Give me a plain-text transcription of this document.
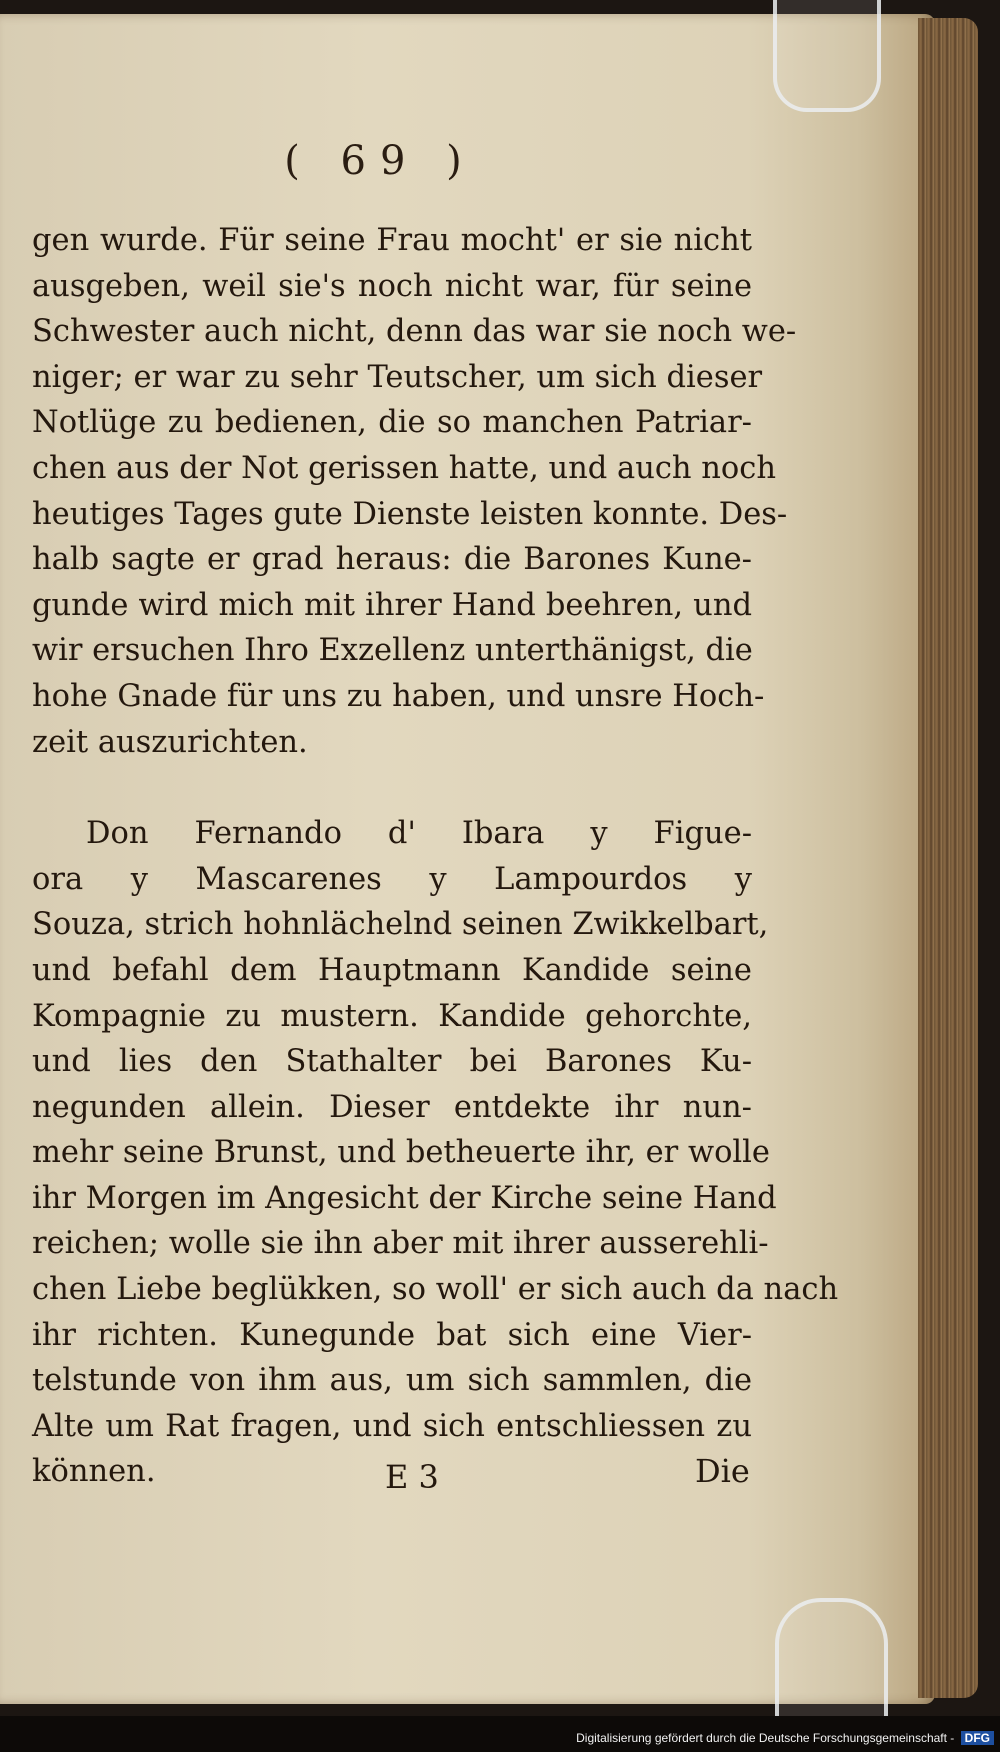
( 69 )
gen wurde. Für seine Frau mocht' er sie nicht
ausgeben, weil sie's noch nicht war, für seine
Schwester auch nicht, denn das war sie noch we-
niger; er war zu sehr Teutscher, um sich dieser
Notlüge zu bedienen, die so manchen Patriar-
chen aus der Not gerissen hatte, und auch noch
heutiges Tages gute Dienste leisten konnte. Des-
halb sagte er grad heraus: die Barones Kune-
gunde wird mich mit ihrer Hand beehren, und
wir ersuchen Ihro Exzellenz unterthänigst, die
hohe Gnade für uns zu haben, und unsre Hoch-
zeit auszurichten.
Don Fernando d' Ibara y Figue-
ora y Mascarenes y Lampourdos y
Souza, strich hohnlächelnd seinen Zwikkelbart,
und befahl dem Hauptmann Kandide seine
Kompagnie zu mustern. Kandide gehorchte,
und lies den Stathalter bei Barones Ku-
negunden allein. Dieser entdekte ihr nun-
mehr seine Brunst, und betheuerte ihr, er wolle
ihr Morgen im Angesicht der Kirche seine Hand
reichen; wolle sie ihn aber mit ihrer ausserehli-
chen Liebe beglükken, so woll' er sich auch da nach
ihr richten. Kunegunde bat sich eine Vier-
telstunde von ihm aus, um sich sammlen, die
Alte um Rat fragen, und sich entschliessen zu
können.	E 3	Die
Digitalisierung gefördert durch die Deutsche Forschungsgemeinschaft - DFG
